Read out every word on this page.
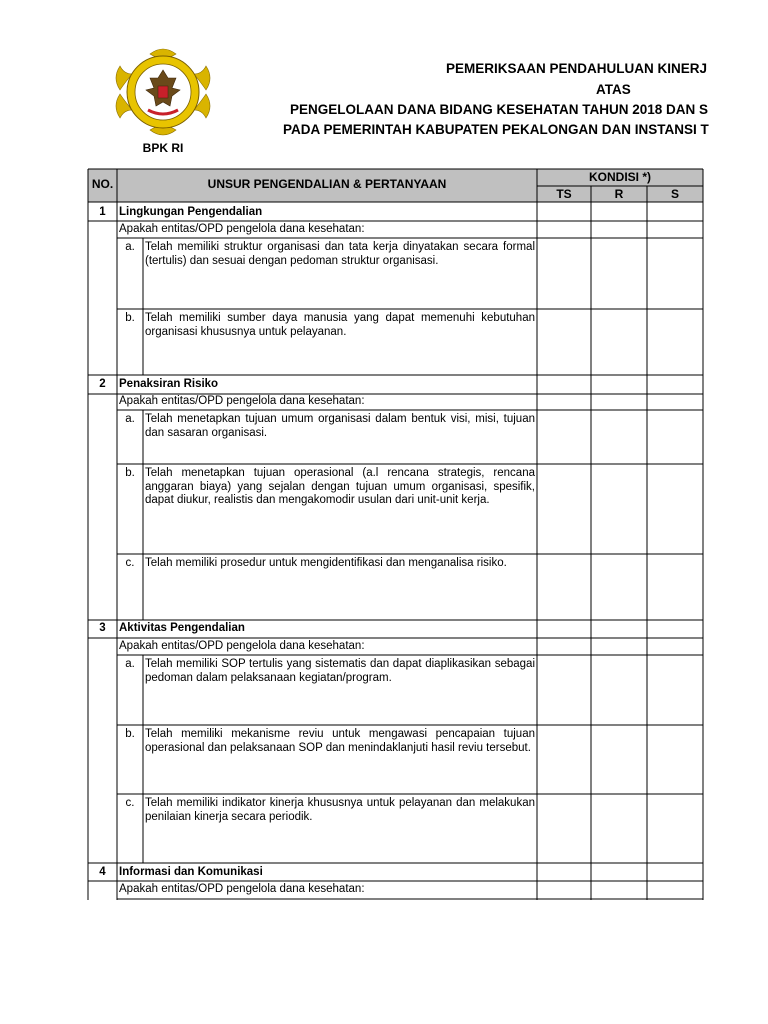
BPK RI
PEMERIKSAAN PENDAHULUAN KINERJ
ATAS
PENGELOLAAN DANA BIDANG KESEHATAN TAHUN 2018 DAN S
PADA PEMERINTAH KABUPATEN PEKALONGAN DAN INSTANSI T
NO.	UNSUR PENGENDALIAN & PERTANYAAN	KONDISI *)
TS	R	S
1	Lingkungan Pengendalian
Apakah entitas/OPD pengelola dana kesehatan:
a. Telah memiliki struktur organisasi dan tata kerja dinyatakan secara formal (tertulis) dan sesuai dengan pedoman struktur organisasi.
b. Telah memiliki sumber daya manusia yang dapat memenuhi kebutuhan organisasi khususnya untuk pelayanan.
2	Penaksiran Risiko
Apakah entitas/OPD pengelola dana kesehatan:
a. Telah menetapkan tujuan umum organisasi dalam bentuk visi, misi, tujuan dan sasaran organisasi.
b. Telah menetapkan tujuan operasional (a.l rencana strategis, rencana anggaran biaya) yang sejalan dengan tujuan umum organisasi, spesifik, dapat diukur, realistis dan mengakomodir usulan dari unit-unit kerja.
c. Telah memiliki prosedur untuk mengidentifikasi dan menganalisa risiko.
3	Aktivitas Pengendalian
Apakah entitas/OPD pengelola dana kesehatan:
a. Telah memiliki SOP tertulis yang sistematis dan dapat diaplikasikan sebagai pedoman dalam pelaksanaan kegiatan/program.
b. Telah memiliki mekanisme reviu untuk mengawasi pencapaian tujuan operasional dan pelaksanaan SOP dan menindaklanjuti hasil reviu tersebut.
c. Telah memiliki indikator kinerja khususnya untuk pelayanan dan melakukan penilaian kinerja secara periodik.
4	Informasi dan Komunikasi
Apakah entitas/OPD pengelola dana kesehatan:
